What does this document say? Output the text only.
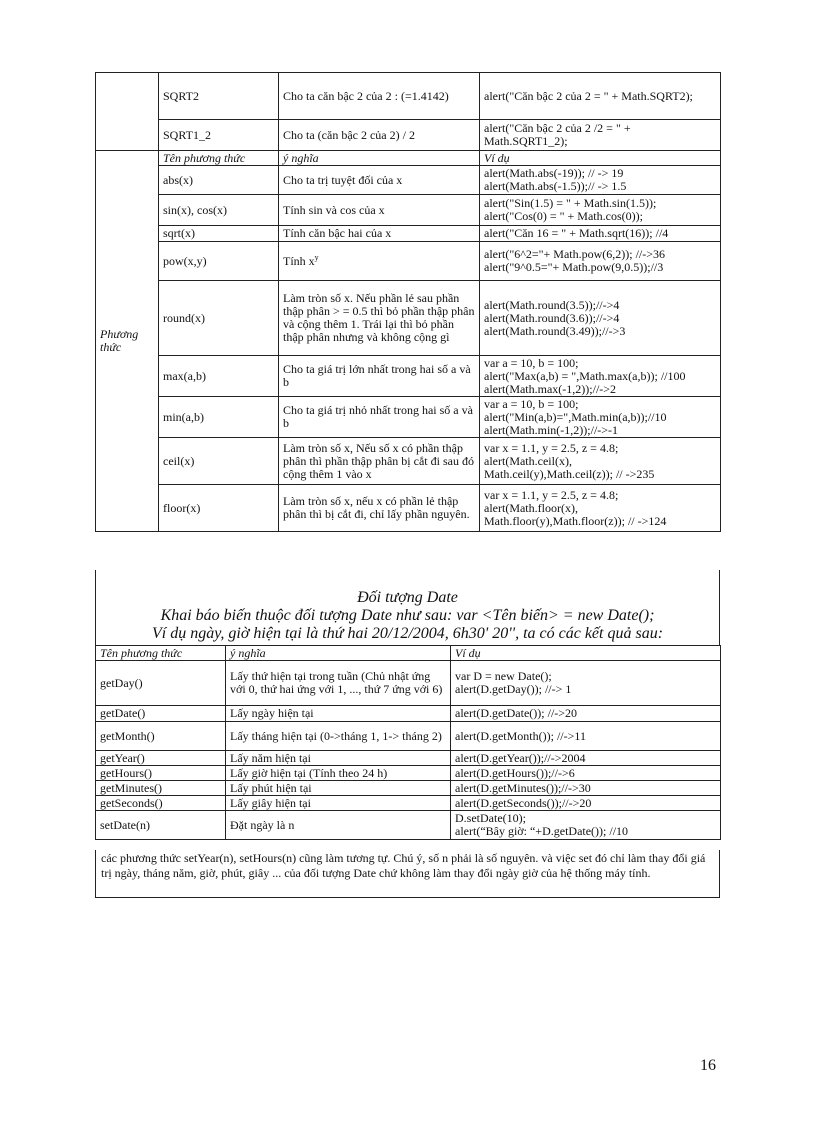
	SQRT2	Cho ta căn bậc 2 của 2 : (=1.4142)	alert("Căn bậc 2 của 2 = " + Math.SQRT2);
	SQRT1_2	Cho ta (căn bậc 2 của 2) / 2	alert("Căn bậc 2 của 2 /2 = " + Math.SQRT1_2);
Phương thức	Tên phương thức	ý nghĩa	Ví dụ
	abs(x)	Cho ta trị tuyệt đối của x	alert(Math.abs(-19)); // -> 19
alert(Math.abs(-1.5));// -> 1.5
	sin(x), cos(x)	Tính sin và cos của x	alert("Sin(1.5) = " + Math.sin(1.5));
alert("Cos(0) = " + Math.cos(0));
	sqrt(x)	Tính căn bậc hai của x	alert("Căn 16 = " + Math.sqrt(16)); //4
	pow(x,y)	Tính $x^y$	alert("6^2="+ Math.pow(6,2)); //->36
alert("9^0.5="+ Math.pow(9,0.5));//3
	round(x)	Làm tròn số x. Nếu phần lẻ sau phần thập phân > = 0.5 thì bỏ phần thập phân và cộng thêm 1. Trái lại thì bỏ phần thập phân nhưng và không cộng gì	alert(Math.round(3.5));//->4
alert(Math.round(3.6));//->4
alert(Math.round(3.49));//->3
	max(a,b)	Cho ta giá trị lớn nhất trong hai số a và b	var a = 10, b = 100;
alert("Max(a,b) = ",Math.max(a,b)); //100
alert(Math.max(-1,2));//->2
	min(a,b)	Cho ta giá trị nhỏ nhất trong hai số a và b	var a = 10, b = 100;
alert("Min(a,b)=",Math.min(a,b));//10
alert(Math.min(-1,2));//->-1
	ceil(x)	Làm tròn số x, Nếu số x có phần thập phân thì phần thập phân bị cắt đi sau đó cộng thêm 1 vào x	var x = 1.1, y = 2.5, z = 4.8;
alert(Math.ceil(x),
Math.ceil(y),Math.ceil(z)); // ->235
	floor(x)	Làm tròn số x, nếu x có phần lẻ thập phân thì bị cắt đi, chỉ lấy phần nguyên.	var x = 1.1, y = 2.5, z = 4.8;
alert(Math.floor(x),
Math.floor(y),Math.floor(z)); // ->124
Đối tượng Date
Khai báo biến thuộc đối tượng Date như sau: var <Tên biến> = new Date();
Ví dụ ngày, giờ hiện tại là thứ hai 20/12/2004, 6h30' 20'', ta có các kết quả sau:
Tên phương thức	ý nghĩa	Ví dụ
getDay()	Lấy thứ hiện tại trong tuần (Chủ nhật ứng với 0, thứ hai ứng với 1, ..., thứ 7 ứng với 6)	var D = new Date();
alert(D.getDay()); //-> 1
getDate()	Lấy ngày hiện tại	alert(D.getDate()); //->20
getMonth()	Lấy tháng hiện tại (0->tháng 1, 1-> tháng 2)	alert(D.getMonth()); //->11
getYear()	Lấy năm hiện tại	alert(D.getYear());//->2004
getHours()	Lấy giờ hiện tại (Tính theo 24 h)	alert(D.getHours());//->6
getMinutes()	Lấy phút hiện tại	alert(D.getMinutes());//->30
getSeconds()	Lấy giây hiện tại	alert(D.getSeconds());//->20
setDate(n)	Đặt ngày là n	D.setDate(10);
alert(“Bây giờ: “+D.getDate()); //10
các phương thức setYear(n), setHours(n) cũng làm tương tự. Chú ý, số n phải là số nguyên. và việc set đó chỉ làm thay đổi giá trị ngày, tháng năm, giờ, phút, giây ... của đối tượng Date chứ không làm thay đổi ngày giờ của hệ thống máy tính.
16
